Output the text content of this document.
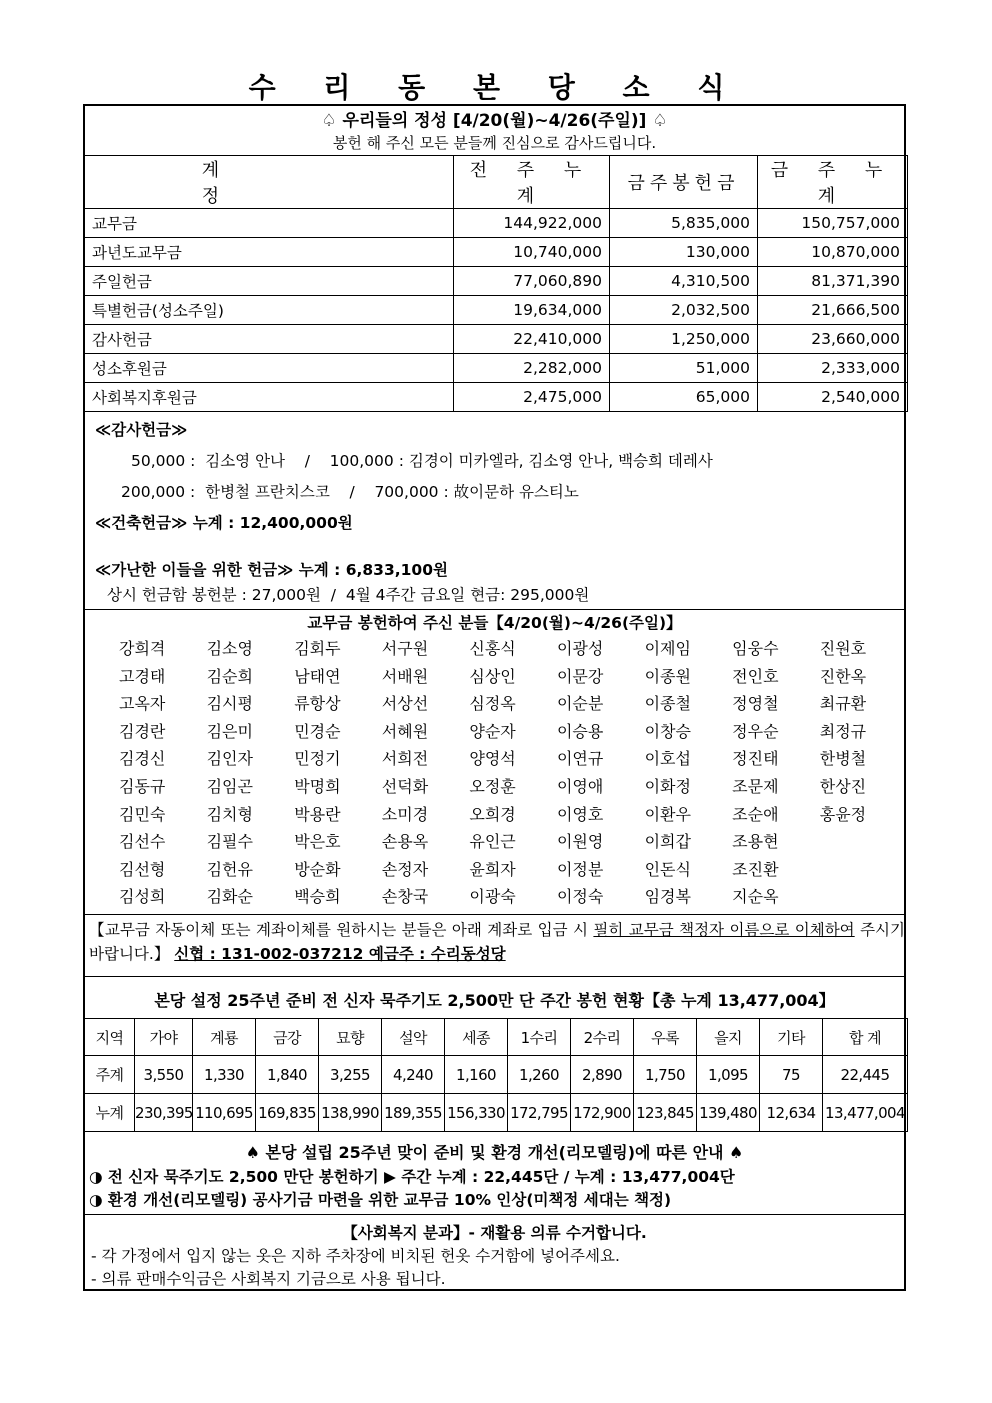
수 리 동 본 당 소 식
♤ 우리들의 정성 [4/20(월)~4/26(주일)] ♤
봉헌 해 주신 모든 분들께 진심으로 감사드립니다.
계 정	전 주 누 계	금주봉헌금	금 주 누 계
교무금	144,922,000	5,835,000	150,757,000
과년도교무금	10,740,000	130,000	10,870,000
주일헌금	77,060,890	4,310,500	81,371,390
특별헌금(성소주일)	19,634,000	2,032,500	21,666,500
감사헌금	22,410,000	1,250,000	23,660,000
성소후원금	2,282,000	51,000	2,333,000
사회복지후원금	2,475,000	65,000	2,540,000
≪감사헌금≫
50,000 :  김소영 안나    /    100,000 : 김경이 미카엘라, 김소영 안나, 백승희 데레사
200,000 :  한병철 프란치스코    /    700,000 : 故이문하 유스티노
≪건축헌금≫ 누계 : 12,400,000원
≪가난한 이들을 위한 헌금≫ 누계 : 6,833,100원
상시 헌금함 봉헌분 : 27,000원  /  4월 4주간 금요일 현금: 295,000원
교무금 봉헌하여 주신 분들【4/20(월)~4/26(주일)】
강희격	김소영	김회두	서구원	신홍식	이광성	이제임	임웅수	진원호
고경태	김순희	남태연	서배원	심상인	이문강	이종원	전인호	진한옥
고옥자	김시평	류항상	서상선	심정옥	이순분	이종철	정영철	최규환
김경란	김은미	민경순	서혜원	양순자	이승용	이창승	정우순	최정규
김경신	김인자	민정기	서희전	양영석	이연규	이호섭	정진태	한병철
김동규	김임곤	박명희	선덕화	오정훈	이영애	이화정	조문제	한상진
김민숙	김치형	박용란	소미경	오희경	이영호	이환우	조순애	홍윤정
김선수	김필수	박은호	손용옥	유인근	이원영	이희갑	조용현
김선형	김헌유	방순화	손정자	윤희자	이정분	인돈식	조진환
김성희	김화순	백승희	손창국	이광숙	이정숙	임경복	지순옥
【교무금 자동이체 또는 계좌이체를 원하시는 분들은 아래 계좌로 입금 시 필히 교무금 책정자 이름으로 이체하여 주시기 바랍니다.】 신협 : 131-002-037212 예금주 : 수리동성당
본당 설정 25주년 준비 전 신자 묵주기도 2,500만 단 주간 봉헌 현황【총 누계 13,477,004】
지역	가야	계룡	금강	묘향	설악	세종	1수리	2수리	우록	을지	기타	합 계
주계	3,550	1,330	1,840	3,255	4,240	1,160	1,260	2,890	1,750	1,095	75	22,445
누계	230,395	110,695	169,835	138,990	189,355	156,330	172,795	172,900	123,845	139,480	12,634	13,477,004
♠ 본당 설립 25주년 맞이 준비 및 환경 개선(리모델링)에 따른 안내 ♠
◑ 전 신자 묵주기도 2,500 만단 봉헌하기 ▶ 주간 누계 : 22,445단 / 누계 : 13,477,004단
◑ 환경 개선(리모델링) 공사기금 마련을 위한 교무금 10% 인상(미책정 세대는 책정)
【사회복지 분과】- 재활용 의류 수거합니다.
- 각 가정에서 입지 않는 옷은 지하 주차장에 비치된 헌옷 수거함에 넣어주세요.
- 의류 판매수익금은 사회복지 기금으로 사용 됩니다.
